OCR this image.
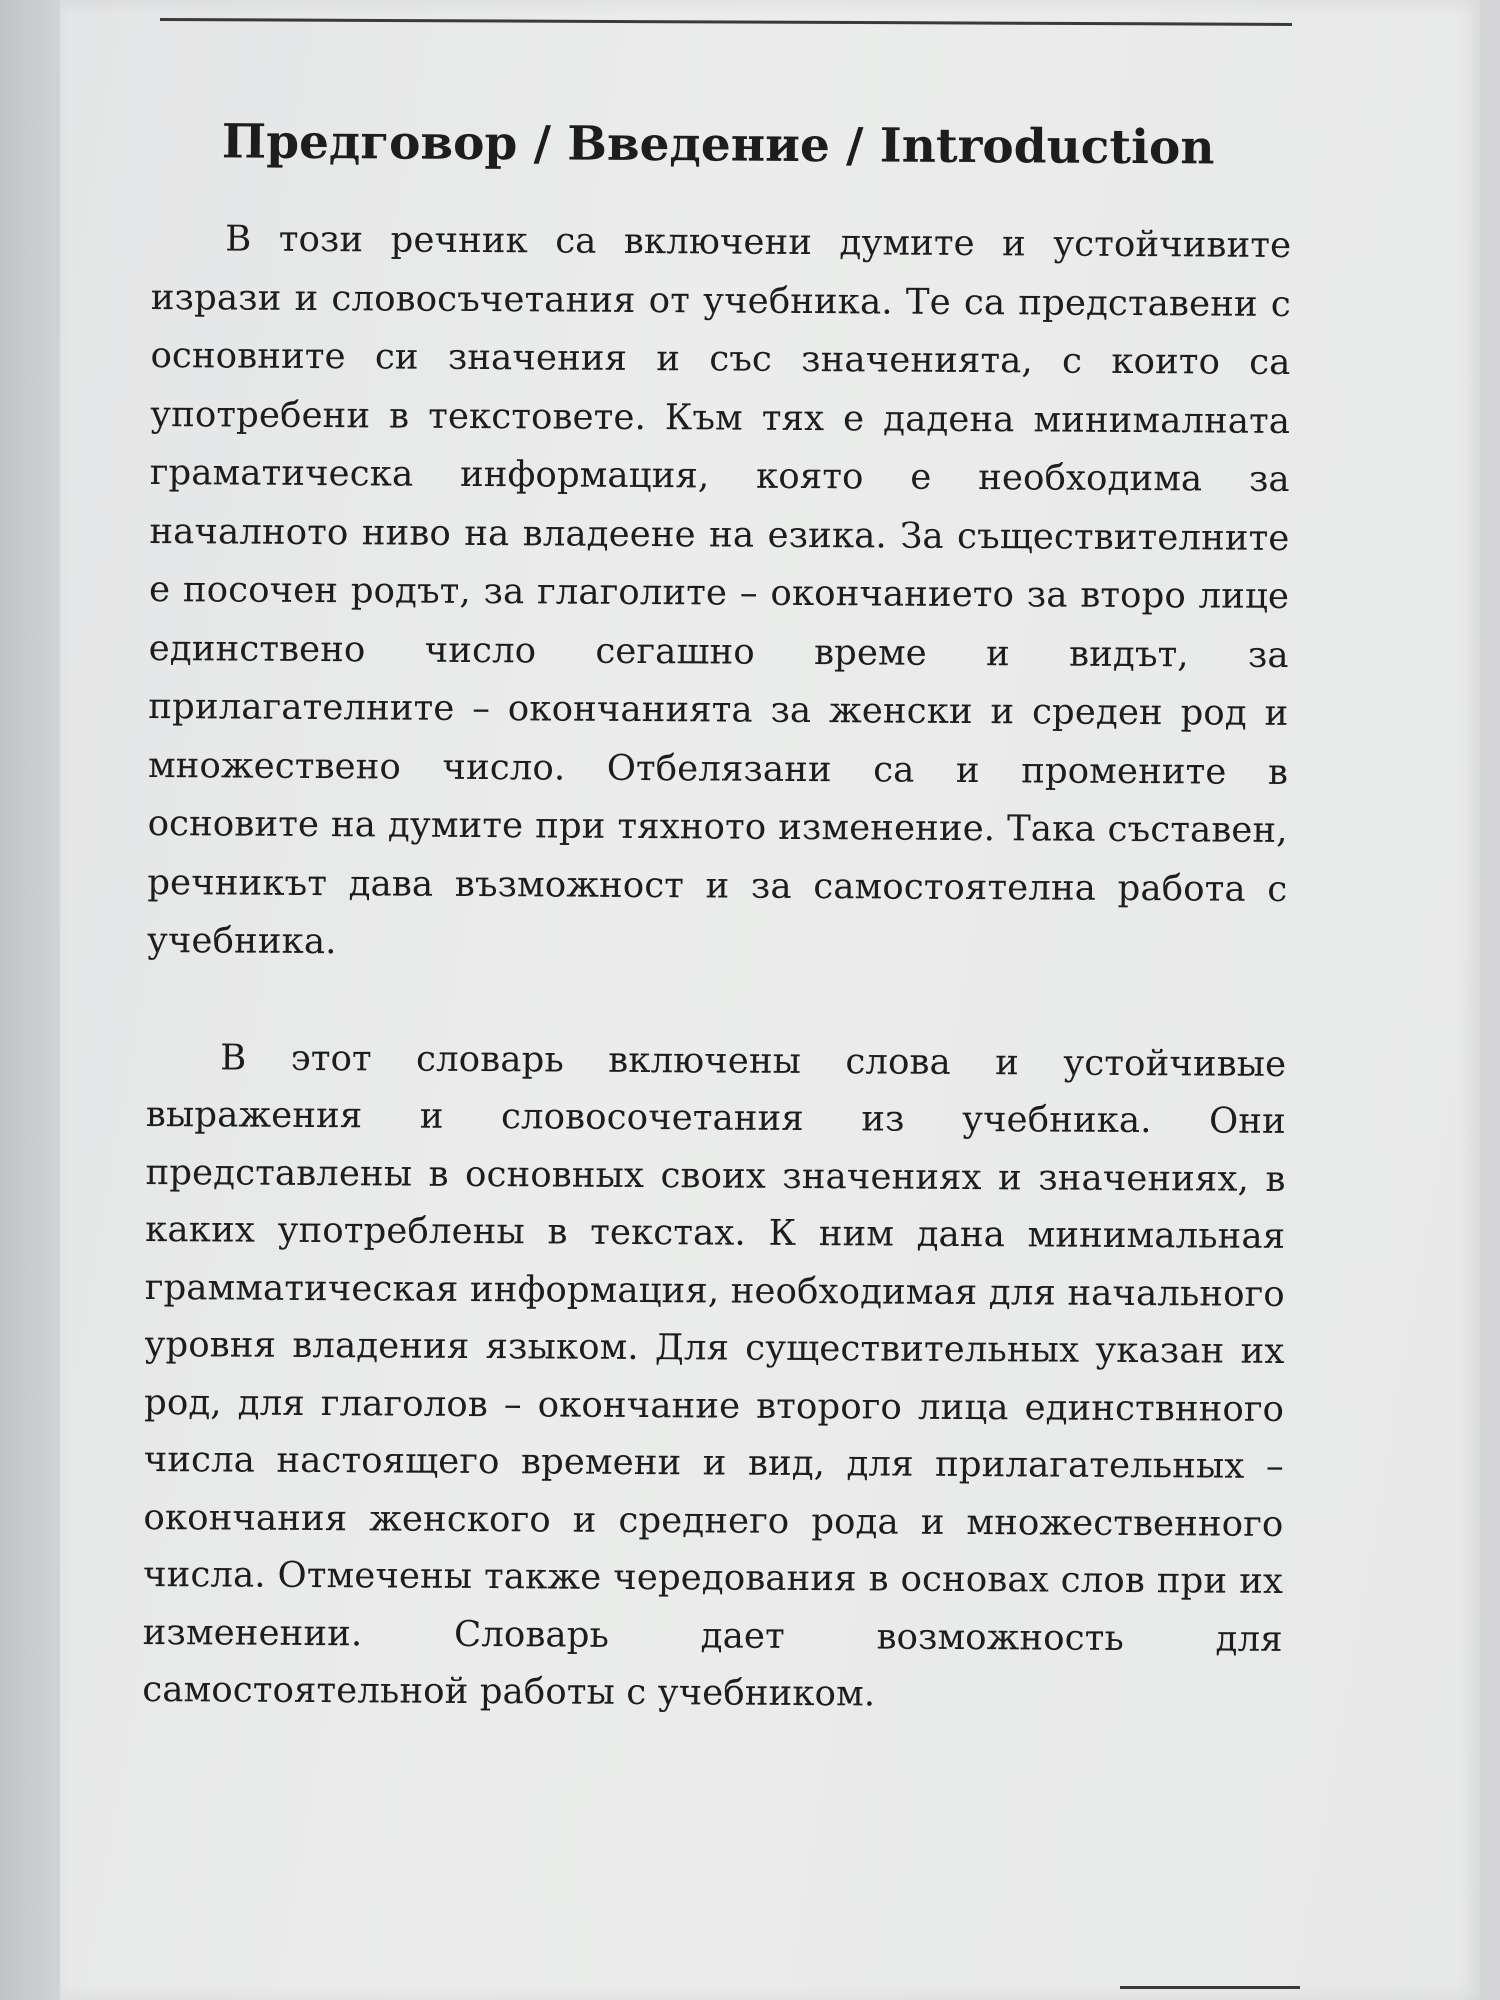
Предговор / Введение / Introduction

В този речник са включени думите и устойчивите изрази и словосъчетания от учебника. Те са представени с основните си значения и със значенията, с които са употребени в текстовете. Към тях е дадена минималната граматическа информация, която е необходима за началното ниво на владеене на езика. За съществителните е посочен родът, за глаголите – окончанието за второ лице единствено число сегашно време и видът, за прилагателните – окончанията за женски и среден род и множествено число. Отбелязани са и промените в основите на думите при тяхното изменение. Така съставен, речникът дава възможност и за самостоятелна работа с учебника.

В этот словарь включены слова и устойчивые выражения и словосочетания из учебника. Они представлены в основных своих значениях и значениях, в каких употреблены в текстах. К ним дана минимальная грамматическая информация, необходимая для начального уровня владения языком. Для существительных указан их род, для глаголов – окончание второго лица единствнного числа настоящего времени и вид, для прилагательных – окончания женского и среднего рода и множественного числа. Отмечены также чередования в основах слов при их изменении. Словарь дает возможность для самостоятельной работы с учебником.
